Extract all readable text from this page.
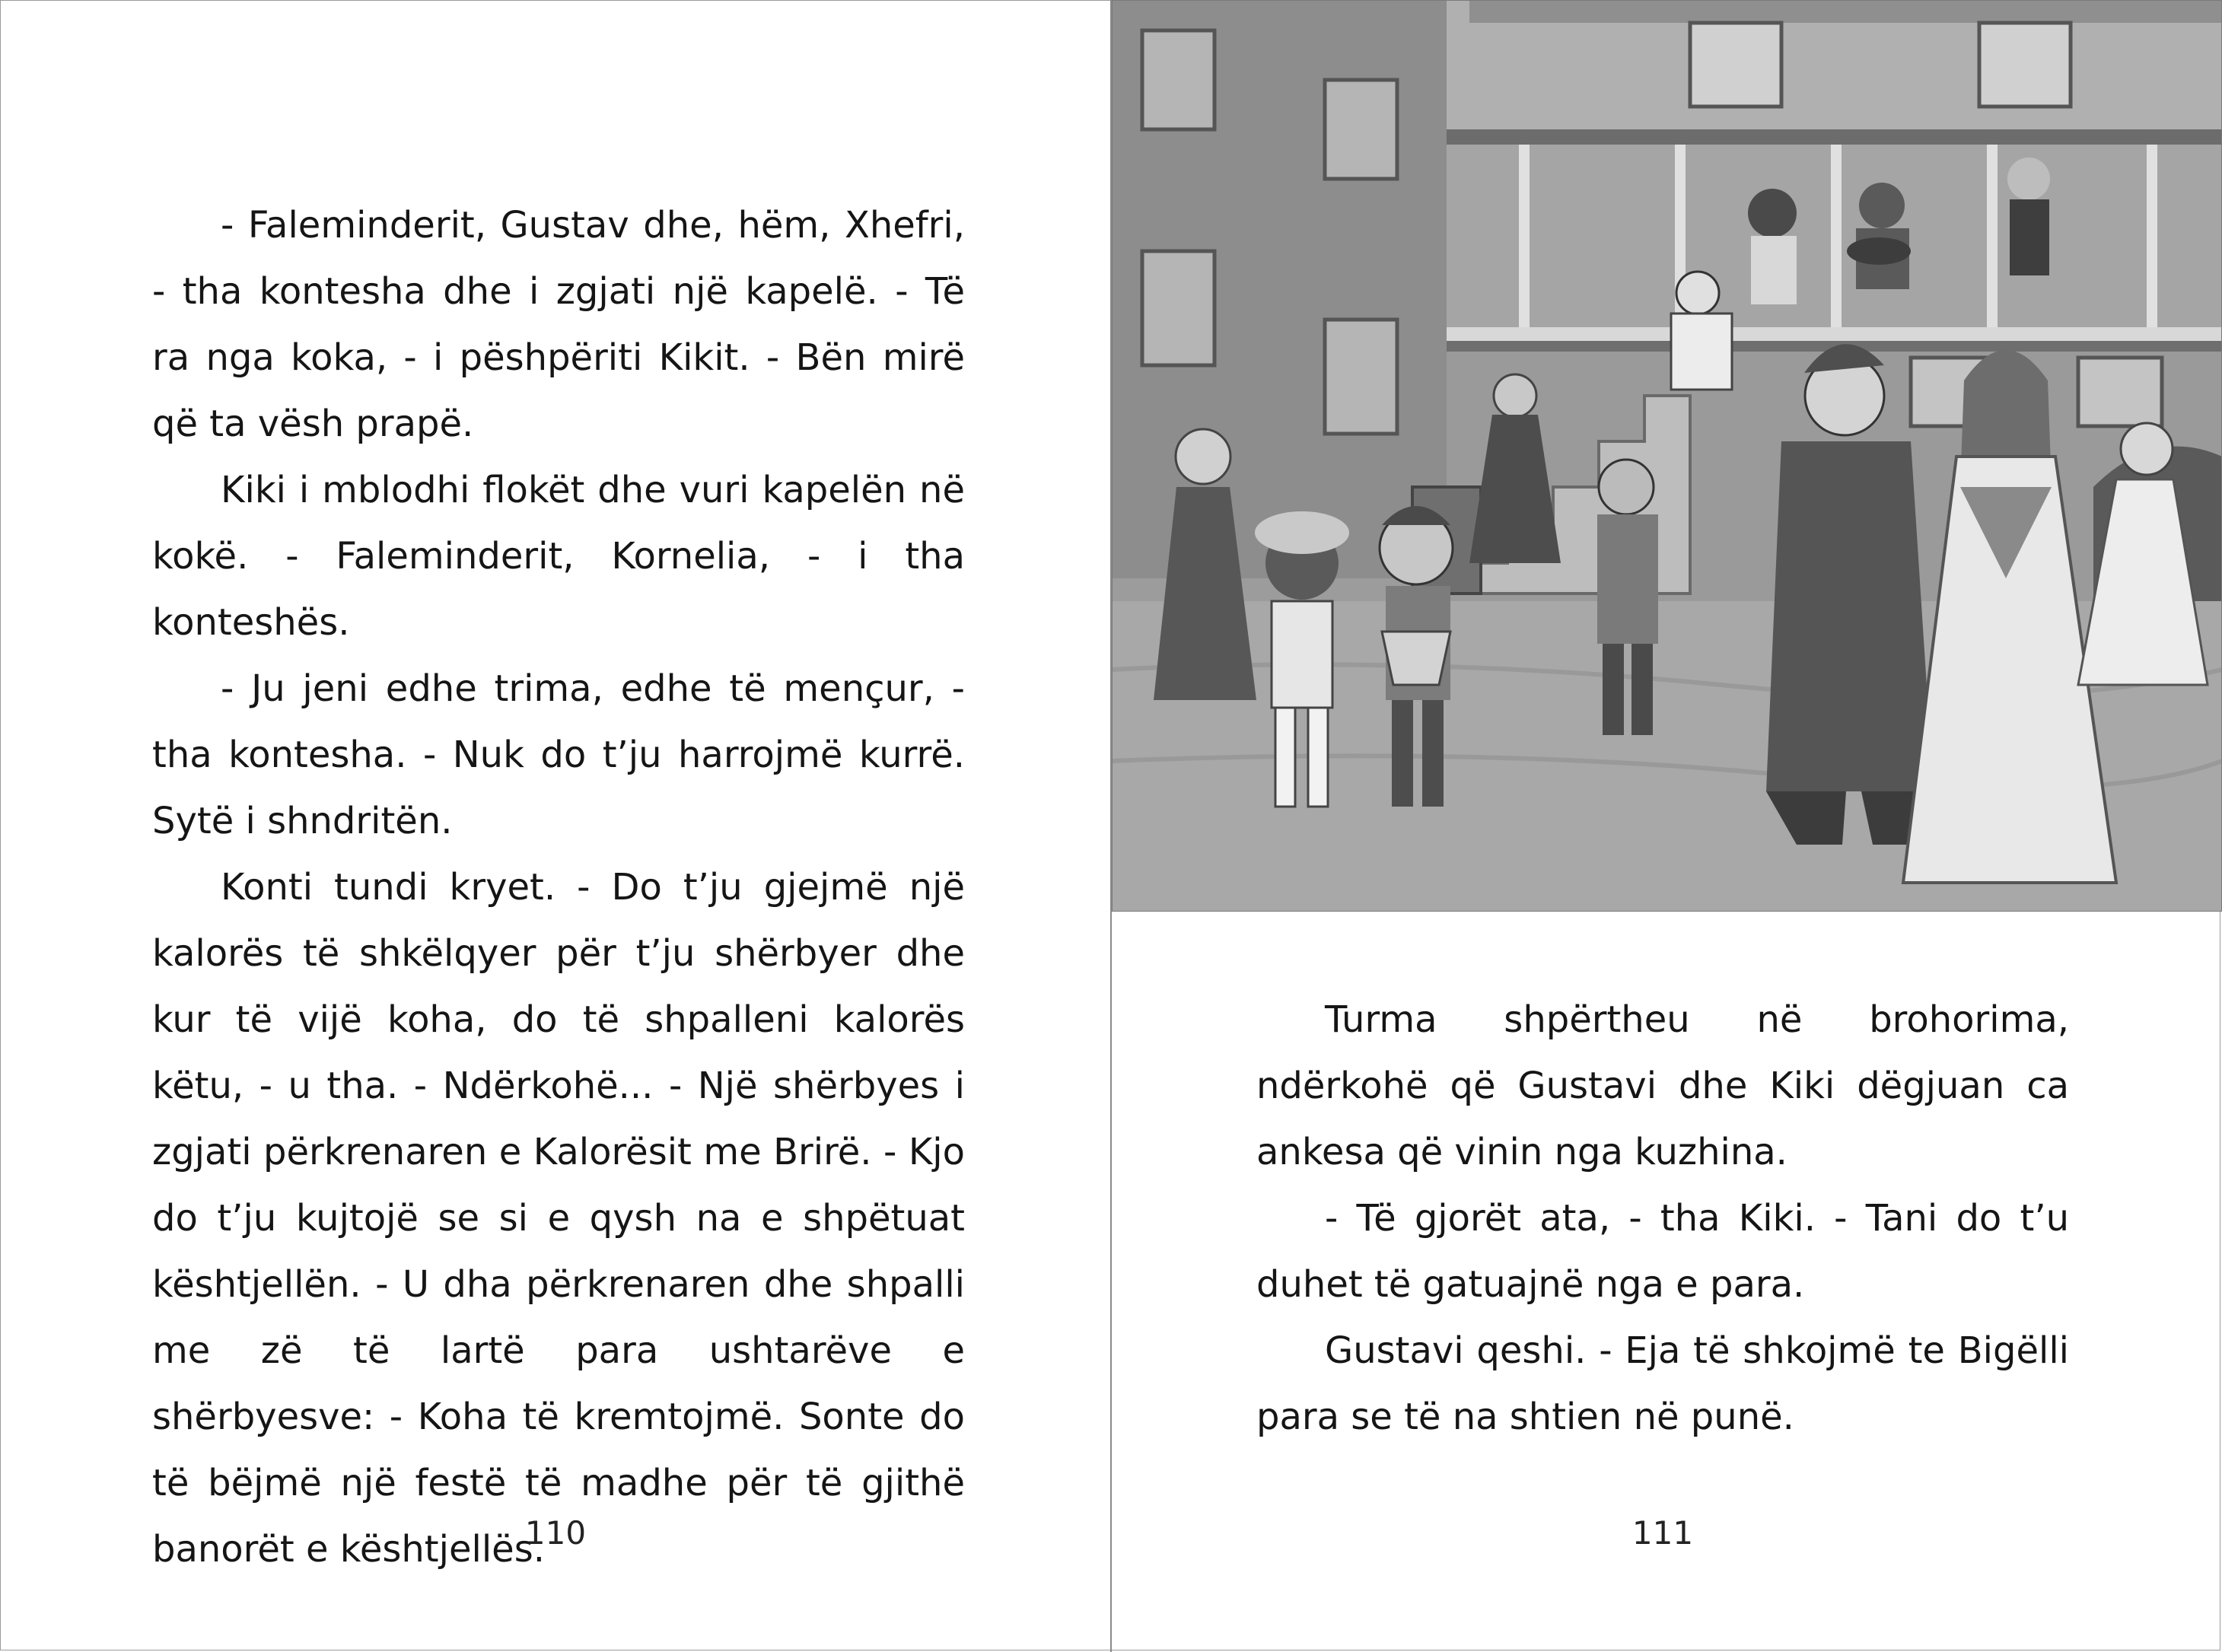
- Faleminderit, Gustav dhe, hëm, Xhefri, - tha kontesha dhe i zgjati një kapelë. - Të ra nga koka, - i pëshpëriti Kikit. - Bën mirë që ta vësh prapë.

Kiki i mblodhi flokët dhe vuri kapelën në kokë. - Faleminderit, Kornelia, - i tha konteshës.

- Ju jeni edhe trima, edhe të mençur, - tha kontesha. - Nuk do t’ju harrojmë kurrë. Sytë i shndritën.

Konti tundi kryet. - Do t’ju gjejmë një kalorës të shkëlqyer për t’ju shërbyer dhe kur të vijë koha, do të shpalleni kalorës këtu, - u tha. - Ndërkohë... - Një shërbyes i zgjati përkrenaren e Kalorësit me Brirë. - Kjo do t’ju kujtojë se si e qysh na e shpëtuat kështjellën. - U dha përkrenaren dhe shpalli me zë të lartë para ushtarëve e shërbyesve: - Koha të kremtojmë. Sonte do të bëjmë një festë të madhe për të gjithë banorët e kështjellës.

110

Turma shpërtheu në brohorima, ndërkohë që Gustavi dhe Kiki dëgjuan ca ankesa që vinin nga kuzhina.

- Të gjorët ata, - tha Kiki. - Tani do t’u duhet të gatuajnë nga e para.

Gustavi qeshi. - Eja të shkojmë te Bigëlli para se të na shtien në punë.

111
